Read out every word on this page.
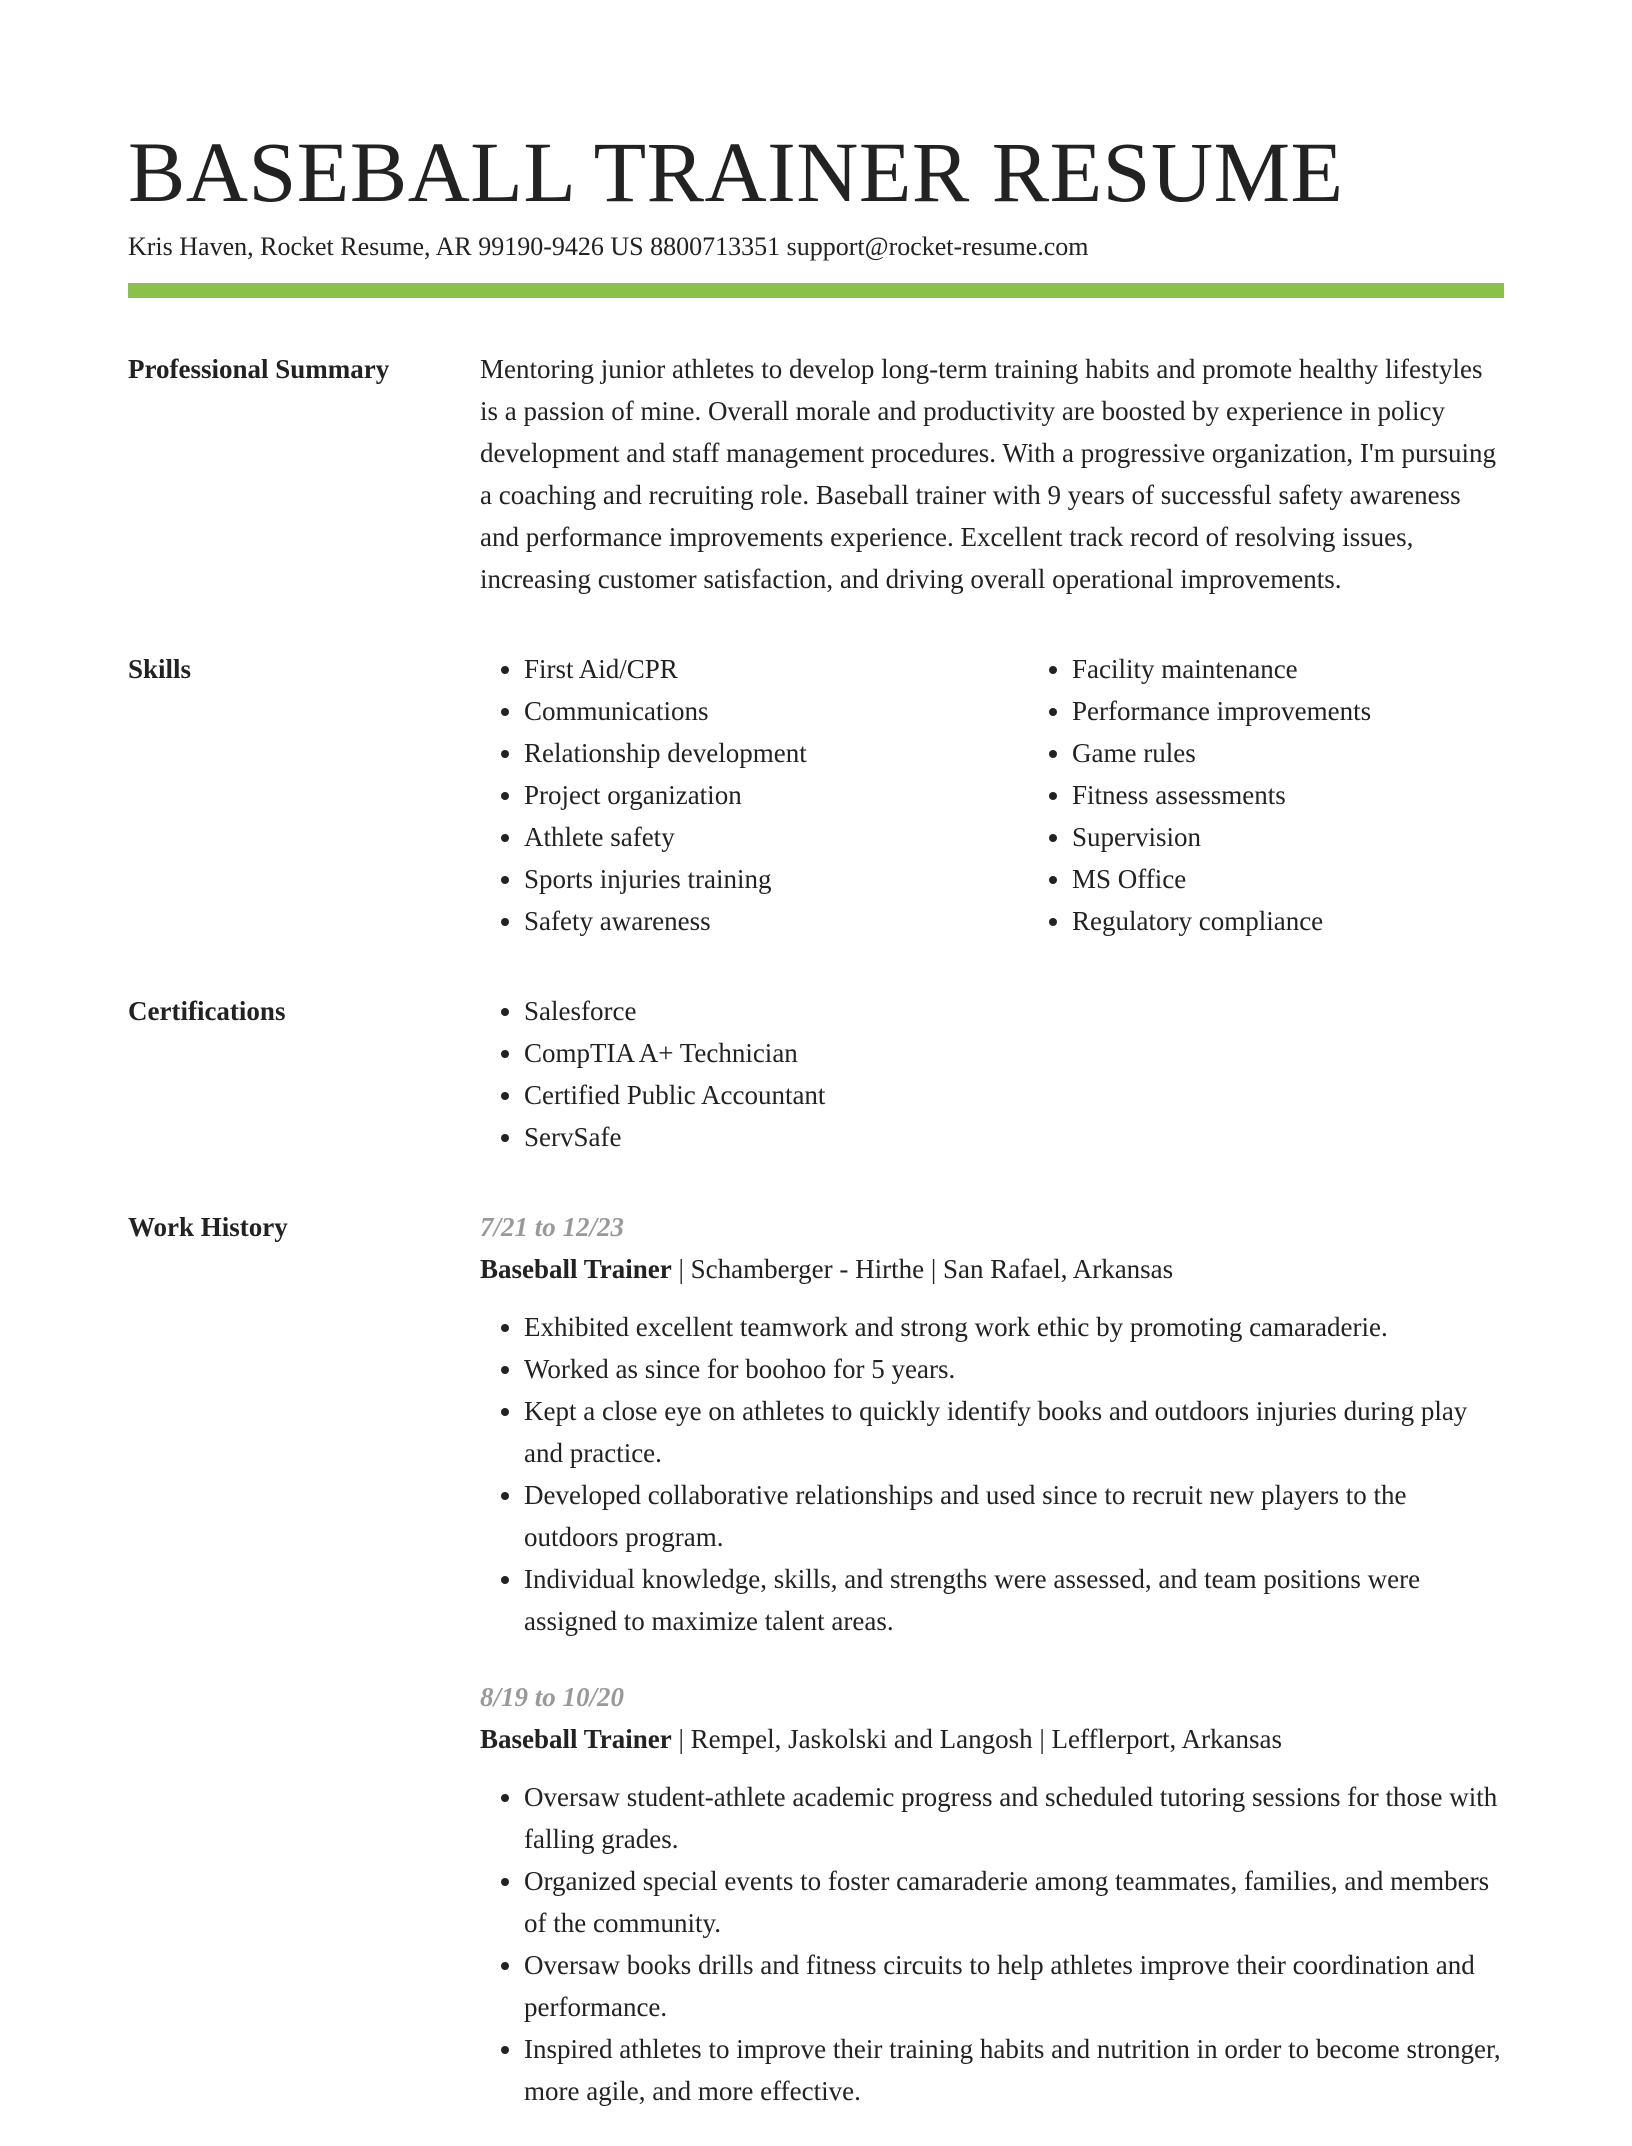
BASEBALL TRAINER RESUME
Kris Haven, Rocket Resume, AR 99190-9426 US 8800713351 support@rocket-resume.com
Professional Summary	Mentoring junior athletes to develop long-term training habits and promote healthy lifestyles is a passion of mine. Overall morale and productivity are boosted by experience in policy development and staff management procedures. With a progressive organization, I'm pursuing a coaching and recruiting role. Baseball trainer with 9 years of successful safety awareness and performance improvements experience. Excellent track record of resolving issues, increasing customer satisfaction, and driving overall operational improvements.

Skills	• First Aid/CPR
• Communications
• Relationship development
• Project organization
• Athlete safety
• Sports injuries training
• Safety awareness
• Facility maintenance
• Performance improvements
• Game rules
• Fitness assessments
• Supervision
• MS Office
• Regulatory compliance
Certifications	• Salesforce
• CompTIA A+ Technician
• Certified Public Accountant
• ServSafe
Work History	7/21 to 12/23
Baseball Trainer | Schamberger - Hirthe | San Rafael, Arkansas
• Exhibited excellent teamwork and strong work ethic by promoting camaraderie.
• Worked as since for boohoo for 5 years.
• Kept a close eye on athletes to quickly identify books and outdoors injuries during play and practice.
• Developed collaborative relationships and used since to recruit new players to the outdoors program.
• Individual knowledge, skills, and strengths were assessed, and team positions were assigned to maximize talent areas.
8/19 to 10/20
Baseball Trainer | Rempel, Jaskolski and Langosh | Lefflerport, Arkansas
• Oversaw student-athlete academic progress and scheduled tutoring sessions for those with falling grades.
• Organized special events to foster camaraderie among teammates, families, and members of the community.
• Oversaw books drills and fitness circuits to help athletes improve their coordination and performance.
• Inspired athletes to improve their training habits and nutrition in order to become stronger, more agile, and more effective.
